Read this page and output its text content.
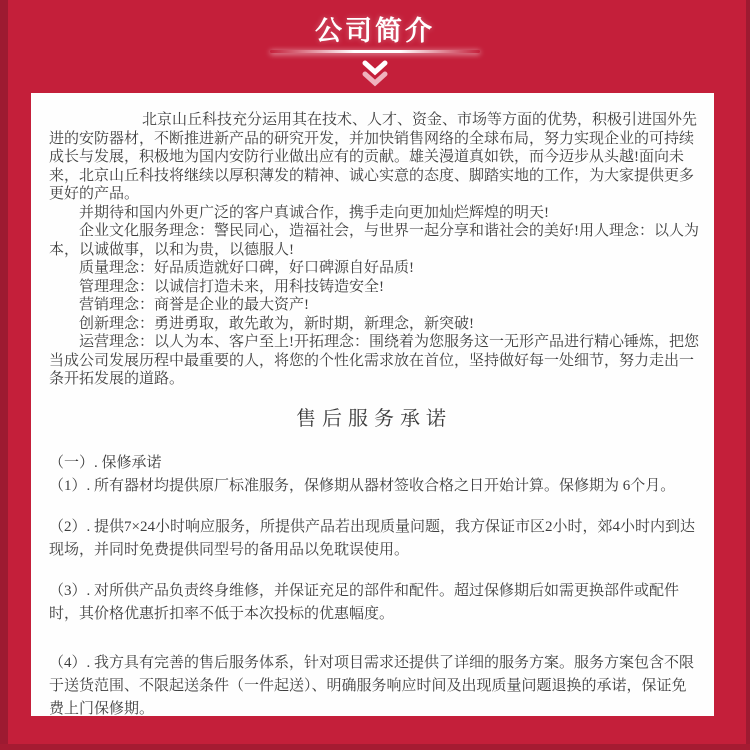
公司简介

北京山丘科技充分运用其在技术、人才、资金、市场等方面的优势，积极引进国外先进的安防器材，不断推进新产品的研究开发，并加快销售网络的全球布局，努力实现企业的可持续成长与发展，积极地为国内安防行业做出应有的贡献。雄关漫道真如铁，而今迈步从头越!面向未来，北京山丘科技将继续以厚积薄发的精神、诚心实意的态度、脚踏实地的工作，为大家提供更多更好的产品。

并期待和国内外更广泛的客户真诚合作，携手走向更加灿烂辉煌的明天!

企业文化服务理念：警民同心，造福社会，与世界一起分享和谐社会的美好!用人理念：以人为本，以诚做事，以和为贵，以德服人!

质量理念：好品质造就好口碑，好口碑源自好品质!

管理理念：以诚信打造未来，用科技铸造安全!

营销理念：商誉是企业的最大资产!

创新理念：勇进勇取，敢先敢为，新时期，新理念，新突破!

运营理念：以人为本、客户至上!开拓理念：围绕着为您服务这一无形产品进行精心锤炼，把您当成公司发展历程中最重要的人，将您的个性化需求放在首位，坚持做好每一处细节，努力走出一条开拓发展的道路。

售后服务承诺

（一）. 保修承诺

（1）. 所有器材均提供原厂标准服务，保修期从器材签收合格之日开始计算。保修期为 6个月。

（2）. 提供7×24小时响应服务，所提供产品若出现质量问题，我方保证市区2小时，郊4小时内到达现场，并同时免费提供同型号的备用品以免耽误使用。

（3）. 对所供产品负责终身维修，并保证充足的部件和配件。超过保修期后如需更换部件或配件时，其价格优惠折扣率不低于本次投标的优惠幅度。

（4）. 我方具有完善的售后服务体系，针对项目需求还提供了详细的服务方案。服务方案包含不限于送货范围、不限起送条件（一件起送）、明确服务响应时间及出现质量问题退换的承诺，保证免费上门保修期。
